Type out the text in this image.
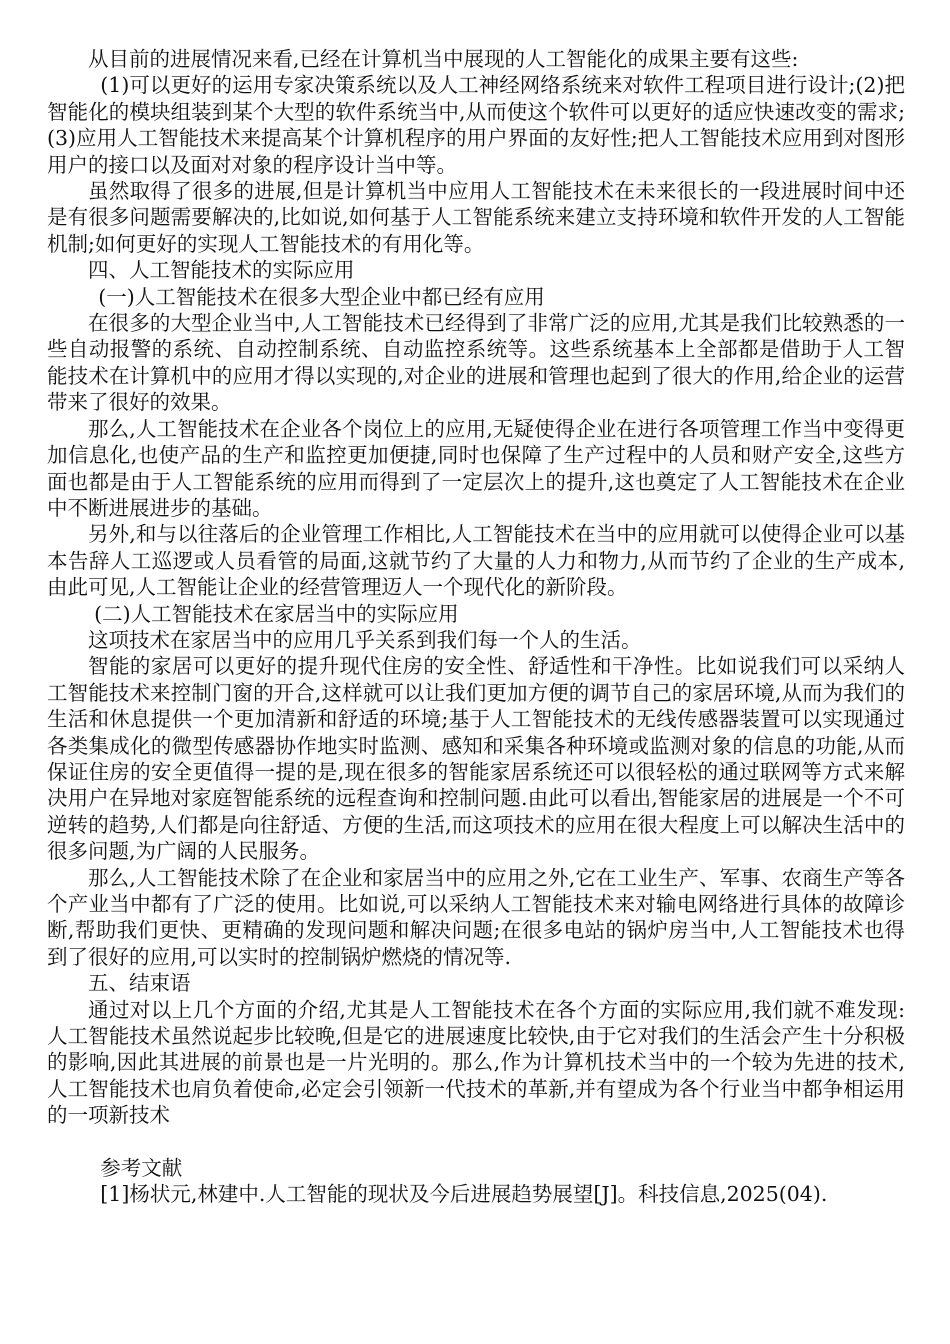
从目前的进展情况来看,已经在计算机当中展现的人工智能化的成果主要有这些:

(1)可以更好的运用专家决策系统以及人工神经网络系统来对软件工程项目进行设计;(2)把智能化的模块组装到某个大型的软件系统当中,从而使这个软件可以更好的适应快速改变的需求;(3)应用人工智能技术来提高某个计算机程序的用户界面的友好性;把人工智能技术应用到对图形用户的接口以及面对对象的程序设计当中等。

虽然取得了很多的进展,但是计算机当中应用人工智能技术在未来很长的一段进展时间中还是有很多问题需要解决的,比如说,如何基于人工智能系统来建立支持环境和软件开发的人工智能机制;如何更好的实现人工智能技术的有用化等。

四、人工智能技术的实际应用

(一)人工智能技术在很多大型企业中都已经有应用

在很多的大型企业当中,人工智能技术已经得到了非常广泛的应用,尤其是我们比较熟悉的一些自动报警的系统、自动控制系统、自动监控系统等。这些系统基本上全部都是借助于人工智能技术在计算机中的应用才得以实现的,对企业的进展和管理也起到了很大的作用,给企业的运营带来了很好的效果。

那么,人工智能技术在企业各个岗位上的应用,无疑使得企业在进行各项管理工作当中变得更加信息化,也使产品的生产和监控更加便捷,同时也保障了生产过程中的人员和财产安全,这些方面也都是由于人工智能系统的应用而得到了一定层次上的提升,这也奠定了人工智能技术在企业中不断进展进步的基础。

另外,和与以往落后的企业管理工作相比,人工智能技术在当中的应用就可以使得企业可以基本告辞人工巡逻或人员看管的局面,这就节约了大量的人力和物力,从而节约了企业的生产成本,由此可见,人工智能让企业的经营管理迈人一个现代化的新阶段。

(二)人工智能技术在家居当中的实际应用

这项技术在家居当中的应用几乎关系到我们每一个人的生活。

智能的家居可以更好的提升现代住房的安全性、舒适性和干净性。比如说我们可以采纳人工智能技术来控制门窗的开合,这样就可以让我们更加方便的调节自己的家居环境,从而为我们的生活和休息提供一个更加清新和舒适的环境;基于人工智能技术的无线传感器装置可以实现通过各类集成化的微型传感器协作地实时监测、感知和采集各种环境或监测对象的信息的功能,从而保证住房的安全更值得一提的是,现在很多的智能家居系统还可以很轻松的通过联网等方式来解决用户在异地对家庭智能系统的远程查询和控制问题.由此可以看出,智能家居的进展是一个不可逆转的趋势,人们都是向往舒适、方便的生活,而这项技术的应用在很大程度上可以解决生活中的很多问题,为广阔的人民服务。

那么,人工智能技术除了在企业和家居当中的应用之外,它在工业生产、军事、农商生产等各个产业当中都有了广泛的使用。比如说,可以采纳人工智能技术来对输电网络进行具体的故障诊断,帮助我们更快、更精确的发现问题和解决问题;在很多电站的锅炉房当中,人工智能技术也得到了很好的应用,可以实时的控制锅炉燃烧的情况等.

五、结束语

通过对以上几个方面的介绍,尤其是人工智能技术在各个方面的实际应用,我们就不难发现:人工智能技术虽然说起步比较晚,但是它的进展速度比较快,由于它对我们的生活会产生十分积极的影响,因此其进展的前景也是一片光明的。那么,作为计算机技术当中的一个较为先进的技术,人工智能技术也肩负着使命,必定会引领新一代技术的革新,并有望成为各个行业当中都争相运用的一项新技术

参考文献

[1]杨状元,林建中.人工智能的现状及今后进展趋势展望[J]。科技信息,2025(04).
